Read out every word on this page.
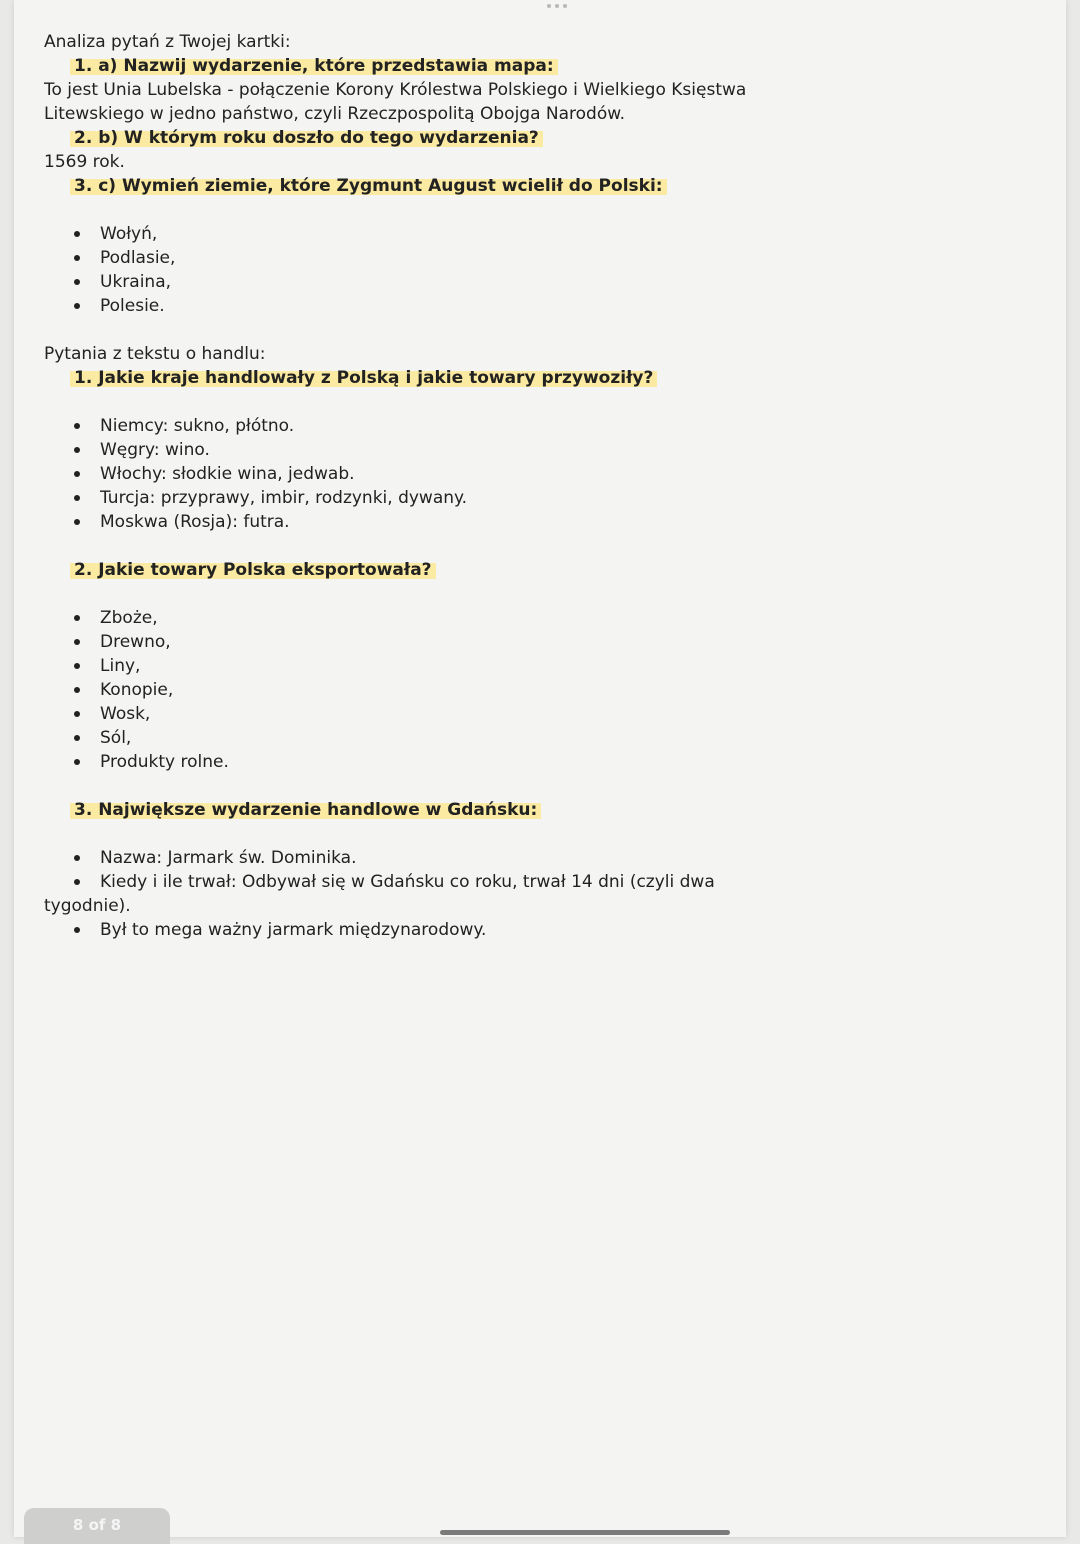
Analiza pytań z Twojej kartki:
1. a) Nazwij wydarzenie, które przedstawia mapa:
To jest Unia Lubelska - połączenie Korony Królestwa Polskiego i Wielkiego Księstwa
Litewskiego w jedno państwo, czyli Rzeczpospolitą Obojga Narodów.
2. b) W którym roku doszło do tego wydarzenia?
1569 rok.
3. c) Wymień ziemie, które Zygmunt August wcielił do Polski:
Wołyń,
Podlasie,
Ukraina,
Polesie.
Pytania z tekstu o handlu:
1. Jakie kraje handlowały z Polską i jakie towary przywoziły?
Niemcy: sukno, płótno.
Węgry: wino.
Włochy: słodkie wina, jedwab.
Turcja: przyprawy, imbir, rodzynki, dywany.
Moskwa (Rosja): futra.
2. Jakie towary Polska eksportowała?
Zboże,
Drewno,
Liny,
Konopie,
Wosk,
Sól,
Produkty rolne.
3. Największe wydarzenie handlowe w Gdańsku:
Nazwa: Jarmark św. Dominika.
Kiedy i ile trwał: Odbywał się w Gdańsku co roku, trwał 14 dni (czyli dwa
tygodnie).
Był to mega ważny jarmark międzynarodowy.
8 of 8
